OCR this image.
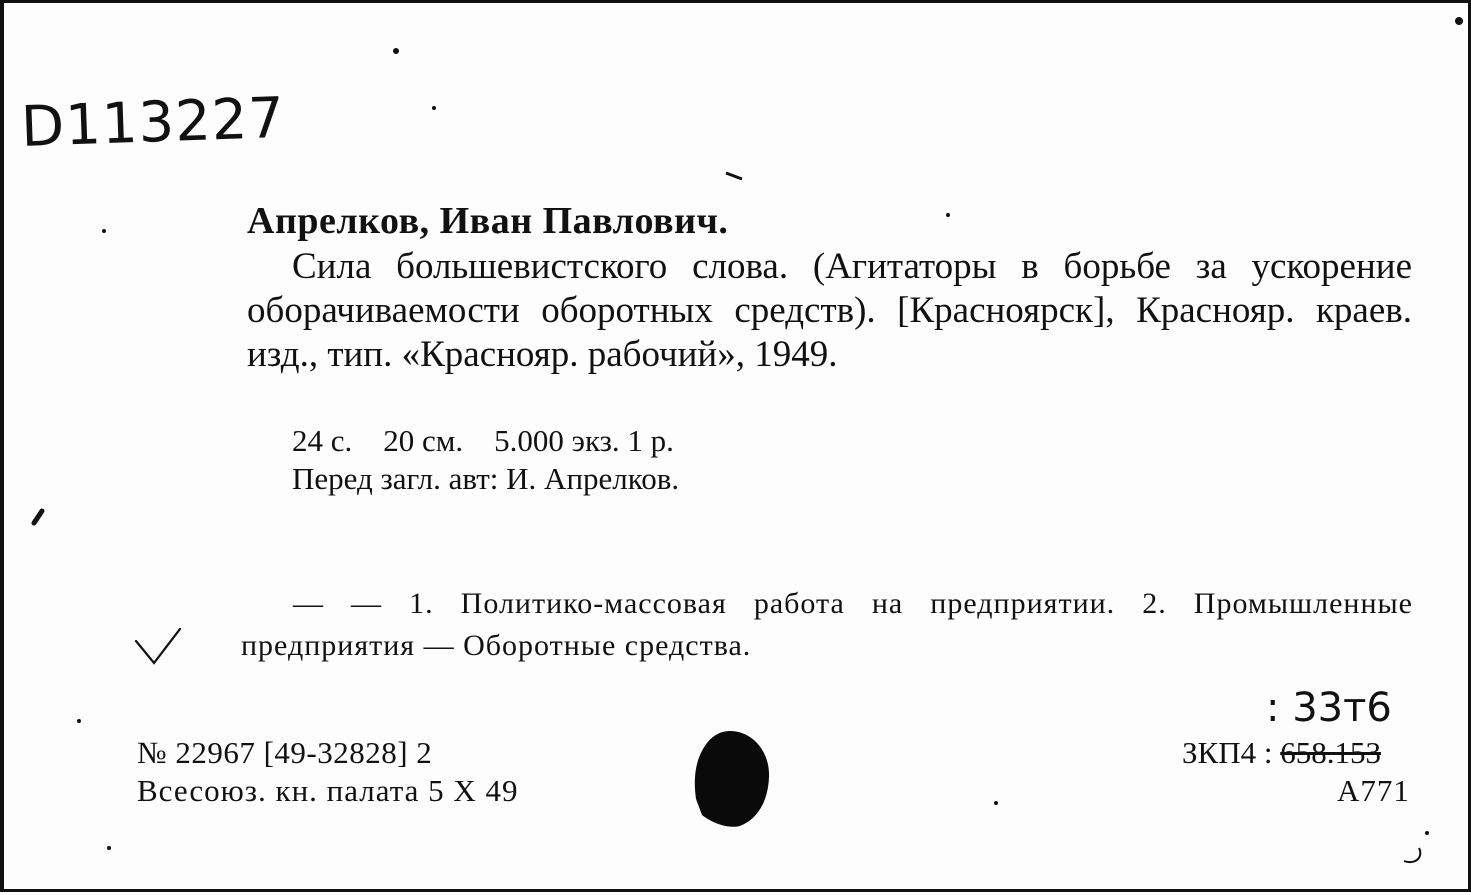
D113227
Апрелков, Иван Павлович.
Сила большевистского слова. (Агитаторы в борьбе за ускорение оборачиваемости оборотных средств). [Красноярск], Краснояр. краев. изд., тип. «Краснояр. рабочий», 1949.
24 с.    20 см.    5.000 экз. 1 р.
Перед загл. авт: И. Апрелков.
— — 1. Политико-массовая работа на предприятии. 2. Промышленные предприятия — Оборотные средства.
№ 22967 [49-32828] 2
Всесоюз. кн. палата 5 X 49
: 33т6
ЗКП4 : 658.153
А771
